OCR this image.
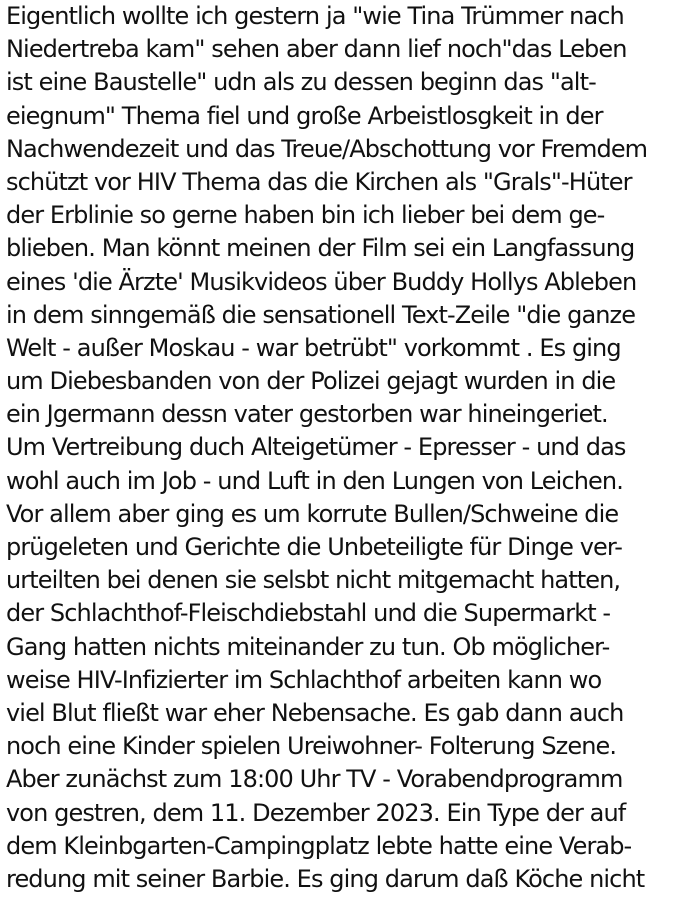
Eigentlich wollte ich gestern ja "wie Tina Trümmer nach
Niedertreba kam" sehen aber dann lief noch"das Leben
ist eine Baustelle" udn als zu dessen beginn das "alt-
eiegnum" Thema fiel und große Arbeistlosgkeit in der
Nachwendezeit und das Treue/Abschottung vor Fremdem
schützt vor HIV Thema das die Kirchen als "Grals"-Hüter
der Erblinie so gerne haben bin ich lieber bei dem ge-
blieben. Man könnt meinen der Film sei ein Langfassung
eines 'die Ärzte' Musikvideos über Buddy Hollys Ableben
in dem sinngemäß die sensationell Text-Zeile "die ganze
Welt - außer Moskau - war betrübt" vorkommt . Es ging
um Diebesbanden von der Polizei gejagt wurden in die
ein Jgermann dessn vater gestorben war hineingeriet.
Um Vertreibung duch Alteigetümer - Epresser - und das
wohl auch im Job - und Luft in den Lungen von Leichen.
Vor allem aber ging es um korrute Bullen/Schweine die
prügeleten und Gerichte die Unbeteiligte für Dinge ver-
urteilten bei denen sie selsbt nicht mitgemacht hatten,
der Schlachthof-Fleischdiebstahl und die Supermarkt -
Gang hatten nichts miteinander zu tun. Ob möglicher-
weise HIV-Infizierter im Schlachthof arbeiten kann wo
viel Blut fließt war eher Nebensache. Es gab dann auch
noch eine Kinder spielen Ureiwohner- Folterung Szene.
Aber zunächst zum 18:00 Uhr TV - Vorabendprogramm
von gestren, dem 11. Dezember 2023. Ein Type der auf
dem Kleinbgarten-Campingplatz lebte hatte eine Verab-
redung mit seiner Barbie. Es ging darum daß Köche nicht
